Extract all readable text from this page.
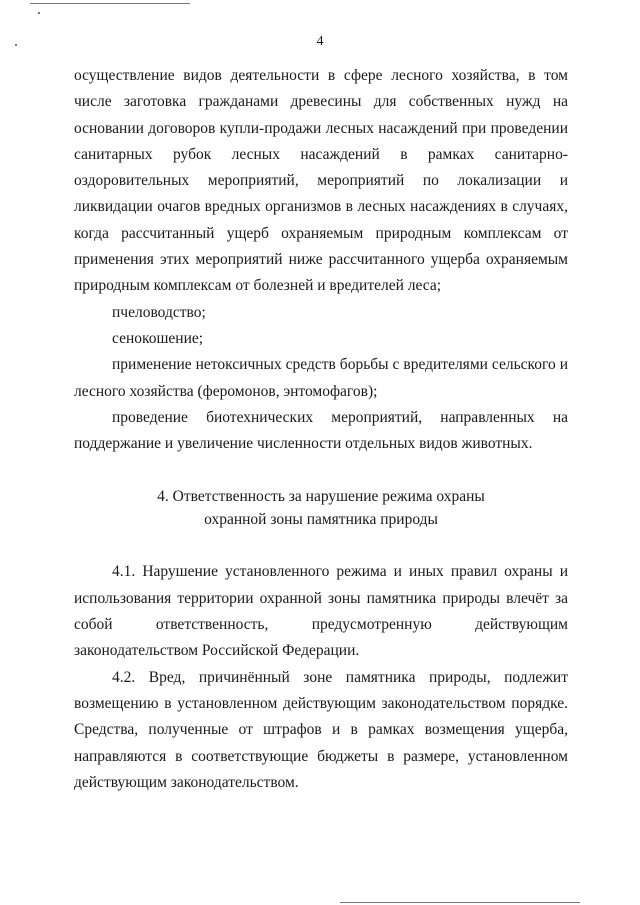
4

осуществление видов деятельности в сфере лесного хозяйства, в том числе заготовка гражданами древесины для собственных нужд на основании договоров купли-продажи лесных насаждений при проведении санитарных рубок лесных насаждений в рамках санитарно-оздоровительных мероприятий, мероприятий по локализации и ликвидации очагов вредных организмов в лесных насаждениях в случаях, когда рассчитанный ущерб охраняемым природным комплексам от применения этих мероприятий ниже рассчитанного ущерба охраняемым природным комплексам от болезней и вредителей леса;

пчеловодство;

сенокошение;

применение нетоксичных средств борьбы с вредителями сельского и лесного хозяйства (феромонов, энтомофагов);

проведение биотехнических мероприятий, направленных на поддержание и увеличение численности отдельных видов животных.

4. Ответственность за нарушение режима охраны
охранной зоны памятника природы

4.1. Нарушение установленного режима и иных правил охраны и использования территории охранной зоны памятника природы влечёт за собой ответственность, предусмотренную действующим законодательством Российской Федерации.

4.2. Вред, причинённый зоне памятника природы, подлежит возмещению в установленном действующим законодательством порядке. Средства, полученные от штрафов и в рамках возмещения ущерба, направляются в соответствующие бюджеты в размере, установленном действующим законодательством.
